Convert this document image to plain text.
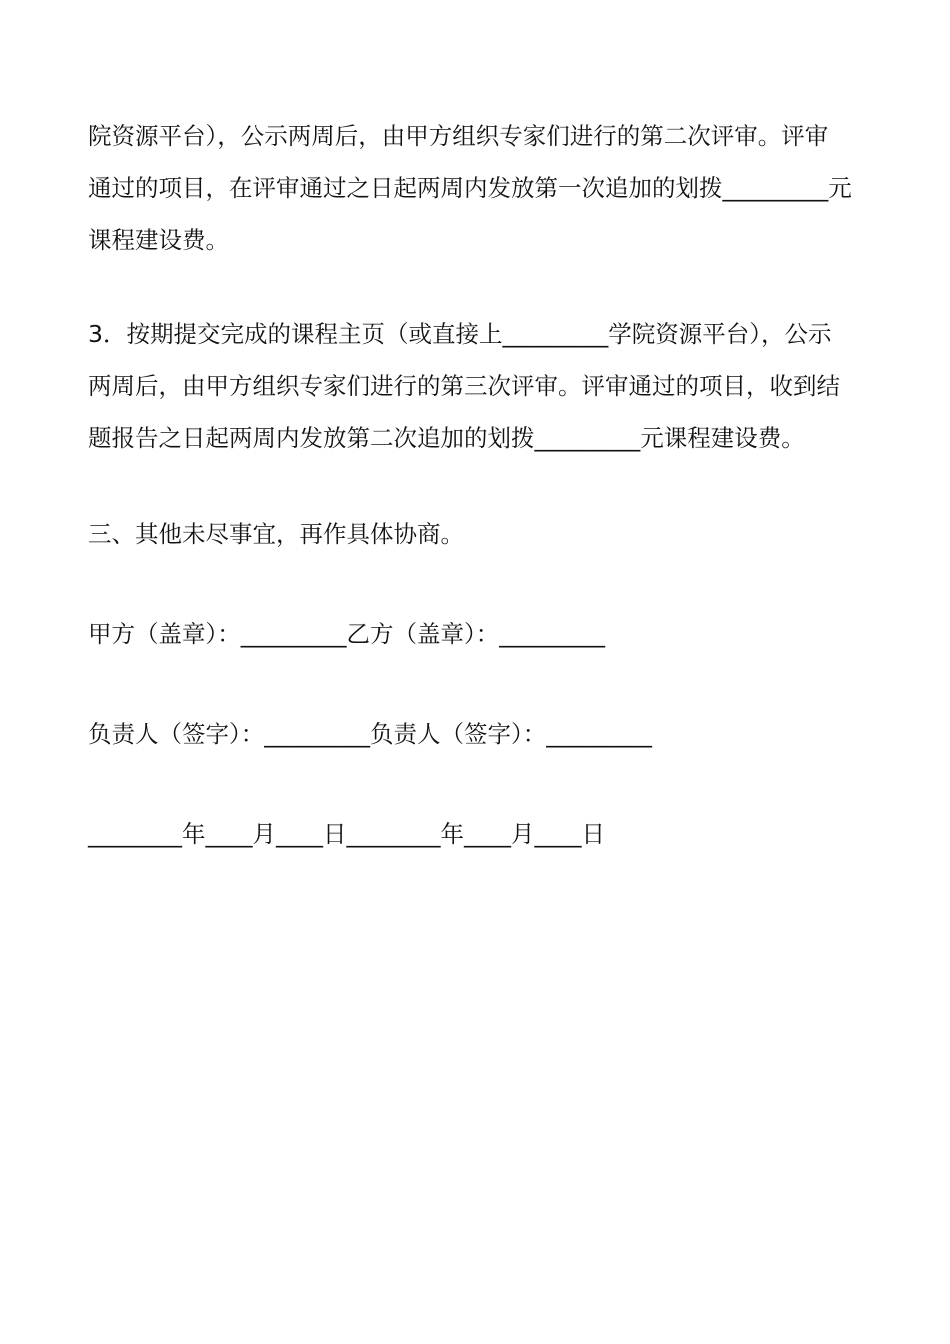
院资源平台），公示两周后，由甲方组织专家们进行的第二次评审。评审
通过的项目，在评审通过之日起两周内发放第一次追加的划拨_________元
课程建设费。
3．按期提交完成的课程主页（或直接上_________学院资源平台），公示
两周后，由甲方组织专家们进行的第三次评审。评审通过的项目，收到结
题报告之日起两周内发放第二次追加的划拨_________元课程建设费。
三、其他未尽事宜，再作具体协商。
甲方（盖章）：_________乙方（盖章）：_________
负责人（签字）：_________负责人（签字）：_________
________年____月____日________年____月____日
